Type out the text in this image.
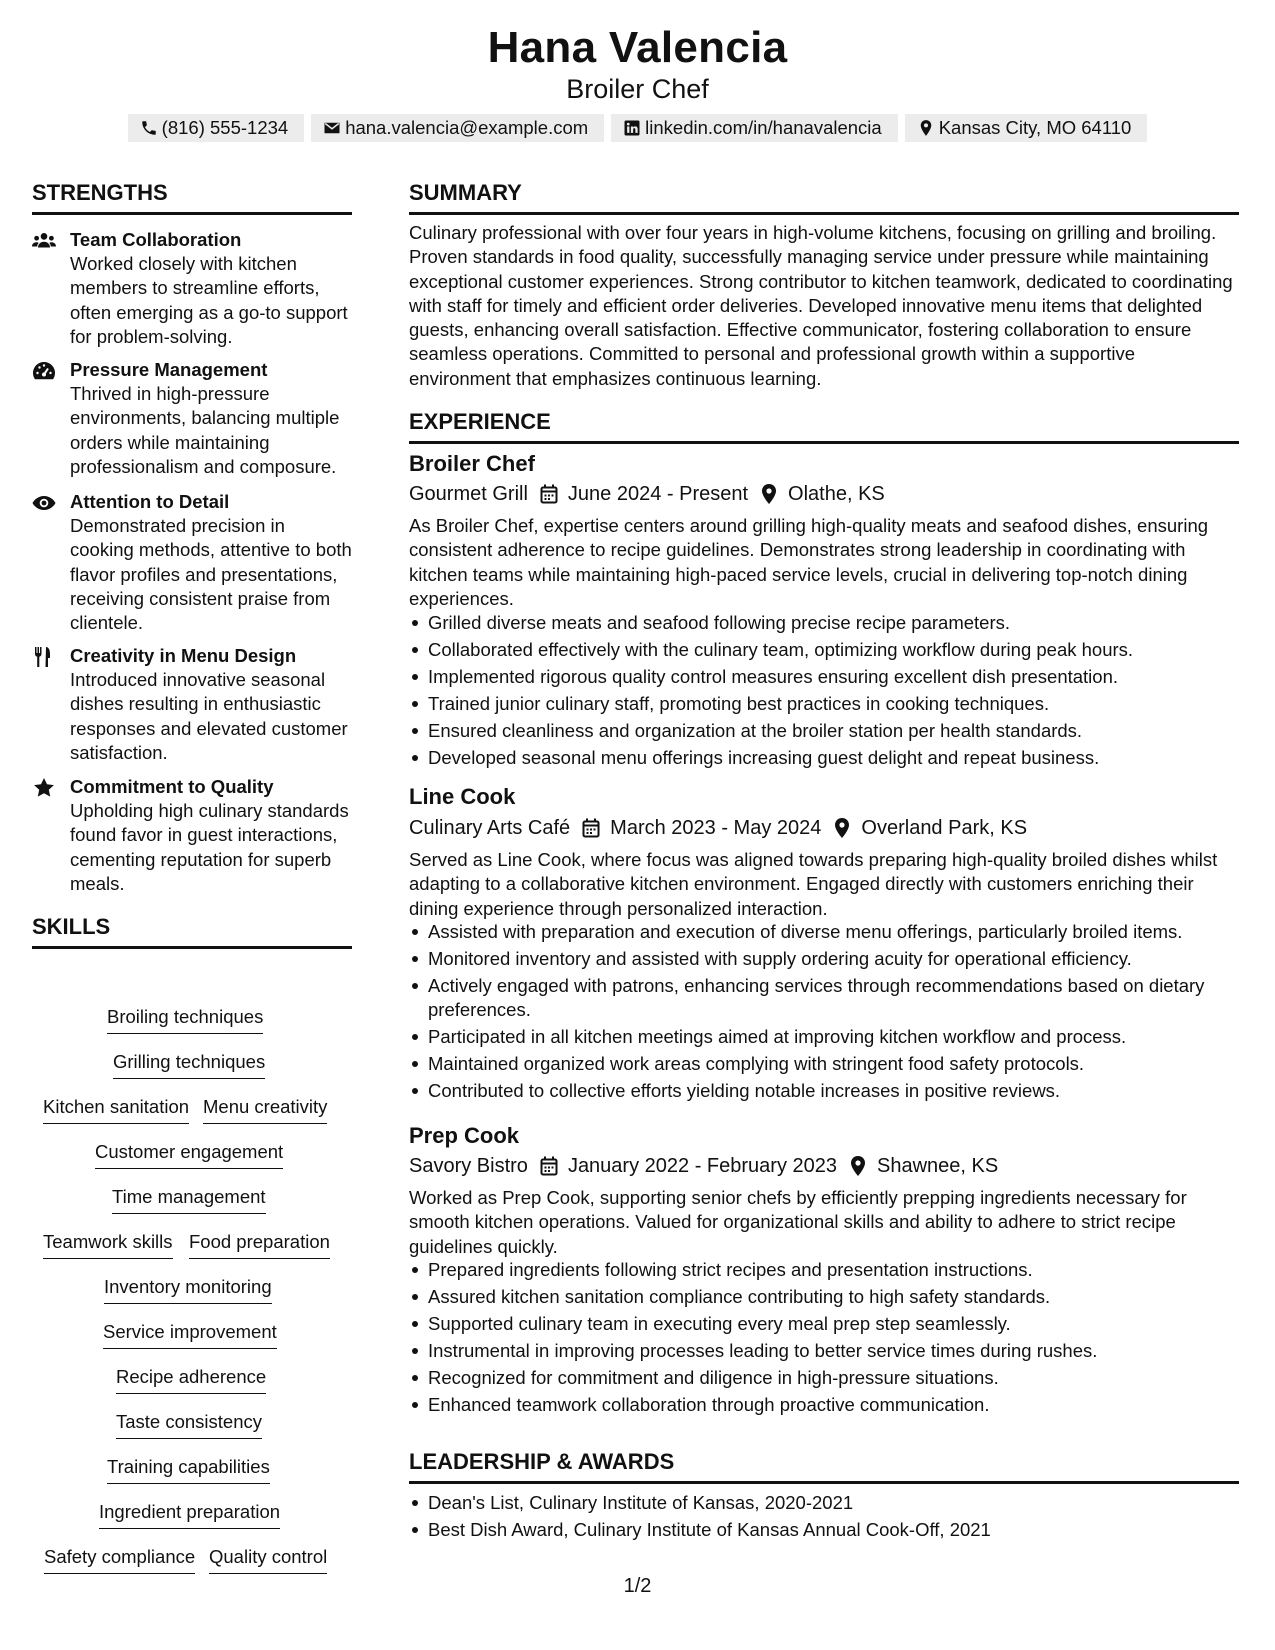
Hana Valencia
Broiler Chef
(816) 555-1234	hana.valencia@example.com	linkedin.com/in/hanavalencia	Kansas City, MO 64110
STRENGTHS
Team Collaboration
Worked closely with kitchen members to streamline efforts, often emerging as a go-to support for problem-solving.
Pressure Management
Thrived in high-pressure environments, balancing multiple orders while maintaining professionalism and composure.
Attention to Detail
Demonstrated precision in cooking methods, attentive to both flavor profiles and presentations, receiving consistent praise from clientele.
Creativity in Menu Design
Introduced innovative seasonal dishes resulting in enthusiastic responses and elevated customer satisfaction.
Commitment to Quality
Upholding high culinary standards found favor in guest interactions, cementing reputation for superb meals.
SKILLS
Broiling techniques
Grilling techniques
Kitchen sanitation Menu creativity
Customer engagement
Time management
Teamwork skills Food preparation
Inventory monitoring
Service improvement
Recipe adherence
Taste consistency
Training capabilities
Ingredient preparation
Safety compliance Quality control
SUMMARY
Culinary professional with over four years in high-volume kitchens, focusing on grilling and broiling. Proven standards in food quality, successfully managing service under pressure while maintaining exceptional customer experiences. Strong contributor to kitchen teamwork, dedicated to coordinating with staff for timely and efficient order deliveries. Developed innovative menu items that delighted guests, enhancing overall satisfaction. Effective communicator, fostering collaboration to ensure seamless operations. Committed to personal and professional growth within a supportive environment that emphasizes continuous learning.
EXPERIENCE
Broiler Chef
Gourmet Grill June 2024 - Present Olathe, KS
As Broiler Chef, expertise centers around grilling high-quality meats and seafood dishes, ensuring consistent adherence to recipe guidelines. Demonstrates strong leadership in coordinating with kitchen teams while maintaining high-paced service levels, crucial in delivering top-notch dining experiences.
Grilled diverse meats and seafood following precise recipe parameters.
Collaborated effectively with the culinary team, optimizing workflow during peak hours.
Implemented rigorous quality control measures ensuring excellent dish presentation.
Trained junior culinary staff, promoting best practices in cooking techniques.
Ensured cleanliness and organization at the broiler station per health standards.
Developed seasonal menu offerings increasing guest delight and repeat business.
Line Cook
Culinary Arts Café March 2023 - May 2024 Overland Park, KS
Served as Line Cook, where focus was aligned towards preparing high-quality broiled dishes whilst adapting to a collaborative kitchen environment. Engaged directly with customers enriching their dining experience through personalized interaction.
Assisted with preparation and execution of diverse menu offerings, particularly broiled items.
Monitored inventory and assisted with supply ordering acuity for operational efficiency.
Actively engaged with patrons, enhancing services through recommendations based on dietary preferences.
Participated in all kitchen meetings aimed at improving kitchen workflow and process.
Maintained organized work areas complying with stringent food safety protocols.
Contributed to collective efforts yielding notable increases in positive reviews.
Prep Cook
Savory Bistro January 2022 - February 2023 Shawnee, KS
Worked as Prep Cook, supporting senior chefs by efficiently prepping ingredients necessary for smooth kitchen operations. Valued for organizational skills and ability to adhere to strict recipe guidelines quickly.
Prepared ingredients following strict recipes and presentation instructions.
Assured kitchen sanitation compliance contributing to high safety standards.
Supported culinary team in executing every meal prep step seamlessly.
Instrumental in improving processes leading to better service times during rushes.
Recognized for commitment and diligence in high-pressure situations.
Enhanced teamwork collaboration through proactive communication.
LEADERSHIP & AWARDS
Dean's List, Culinary Institute of Kansas, 2020-2021
Best Dish Award, Culinary Institute of Kansas Annual Cook-Off, 2021
1/2
